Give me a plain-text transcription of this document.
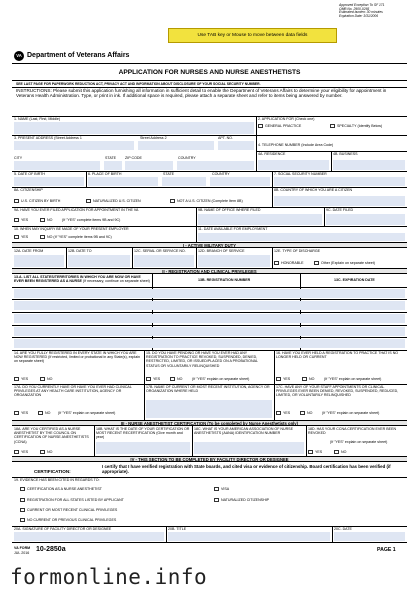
Approved Exception To SF 171
OMB No. 2900-0265
Estimated burden: 30 minutes
Expiration Date: 3/31/2006
Use TAB key or Mouse to move between data fields
VA Department of Veterans Affairs
APPLICATION FOR NURSES AND NURSE ANESTHETISTS
SEE LAST PAGE FOR PAPERWORK REDUCTION ACT, PRIVACY ACT AND INFORMATION ABOUT DISCLOSURE OF YOUR SOCIAL SECURITY NUMBER.
INSTRUCTIONS: Please submit this application furnishing all information in sufficient detail to enable the Department of Veterans Affairs to determine your eligibility for appointment in Veterans Health Administration. Type, or print in ink. If additional space is required, please attach a separate sheet and refer to items being answered by number.
1. NAME (Last, First, Middle)	2. APPLICATION FOR (Check one)
GENERAL PRACTICE	SPECIALTY (Identify Below)
3. PRESENT ADDRESS (Street Address 1	Street Address 2	APT. NO.
CITY	STATE ZIP CODE	COUNTRY
4. TELEPHONE NUMBER (Include Area Code)
4A. RESIDENCE	4B. BUSINESS
5. DATE OF BIRTH	6. PLACE OF BIRTH	STATE	COUNTRY	7. SOCIAL SECURITY NUMBER
8A. CITIZENSHIP
U.S. CITIZEN BY BIRTH	NATURALIZED U.S. CITIZEN	NOT A U.S. CITIZEN (Complete Item 8B)
8B. COUNTRY OF WHICH YOU ARE A CITIZEN
9A. HAVE YOU EVER FILED APPLICATION FOR APPOINTMENT IN THE VA
YES	NO	(If "YES" complete items 9B and 9C)
9B. NAME OF OFFICE WHERE FILED	9C. DATE FILED
10. WHEN MAY INQUIRY BE MADE OF YOUR PRESENT EMPLOYER
YES	NO (If "YES" complete items 9B and 9C)
11. DATE AVAILABLE FOR EMPLOYMENT
I - ACTIVE MILITARY DUTY
12A. DATE FROM	12B. DATE TO	12C. SERIAL OR SERVICE NO.	12D. BRANCH OF SERVICE	12E. TYPE OF DISCHARGE
HONORABLE	Other (Explain on separate sheet)
II - REGISTRATION AND CLINICAL PRIVILEGES
13.A. LIST ALL STATES/TERRITORIES IN WHICH YOU ARE NOW OR HAVE EVER BEEN REGISTERED AS A NURSE (If necessary, continue on separate sheet)	13B. REGISTRATION NUMBER	13C. EXPIRATION DATE
14. ARE YOU FULLY REGISTERED IN EVERY STATE IN WHICH YOU ARE NOW REGISTERED (If restricted, limited or probational in any State(s), explain on separate sheet)
YES	NO
15. DO YOU HAVE PENDING OR HAVE YOU EVER HAD ANY REGISTRATION TO PRACTICE REVOKED, SUSPENDED, DENIED, RESTRICTED, LIMITED, OR ISSUED/PLACED ON A PROBATIONAL STATUS OR VOLUNTARILY RELINQUISHED
YES	NO	(If "YES" explain on separate sheet)
16. HAVE YOU EVER HELD A REGISTRATION TO PRACTICE THAT IS NO LONGER HELD OR CURRENT
YES	NO	(If "YES" explain on separate sheet)
17A. DO YOU CURRENTLY HAVE OR HAVE YOU EVER HAD CLINICAL PRIVILEGES AT ANY HEALTH CARE INSTITUTION, AGENCY OR ORGANIZATION
YES	NO (If "YES" explain on separate sheet)
17B. NAME OF CURRENT OR MOST RECENT INSTITUTION, AGENCY OR ORGANIZATION WHERE HELD
17C. HAVE ANY OF YOUR STAFF APPOINTMENTS OR CLINICAL PRIVILEGES EVER BEEN DENIED, REVOKED, SUSPENDED, REDUCED, LIMITED, OR VOLUNTARILY RELINQUISHED
YES	NO	(If "YES" explain on separate sheet)
III - NURSE ANESTHETIST CERTIFICATION (To be completed by Nurse Anesthetists only)
18A. ARE YOU CERTIFIED AS A NURSE ANESTHETIST BY THE COUNCIL ON CERTIFICATION OF NURSE ANESTHETISTS (CCNA)
YES	NO
18B. WHAT IS THE DATE OF YOUR CERTIFICATION OR MOST RECENT RECERTIFICATION (Give month and year)
18C. WHAT IS YOUR AMERICAN ASSOCIATION OF NURSE ANESTHETISTS (AANA) IDENTIFICATION NUMBER
18D. HAS YOUR CCNA CERTIFICATION EVER BEEN REVOKED
(If "YES" explain on separate sheet)
YES	NO
IV - THIS SECTION TO BE COMPLETED BY FACILITY DIRECTOR OR DESIGNEE
CERTIFICATION:
I certify that I have verified registration with State boards, and cited visa or evidence of citizenship. Board certification has been verified (if appropriate).
19. EVIDENCE HAS BEEN CITED IN REGARDS TO:
CERTIFICATION AS A NURSE ANESTHETIST	VISA
REGISTRATION FOR ALL STATES LISTED BY APPLICANT	NATURALIZED CITIZENSHIP
CURRENT OR MOST RECENT CLINICAL PRIVILEGES
NO CURRENT OR PREVIOUS CLINICAL PRIVILEGES
20A. SIGNATURE OF FACILITY DIRECTOR OR DESIGNEE	20B. TITLE	20C. DATE
VA FORM
JUL 2016 10-2850a	PAGE 1
formonline.info
